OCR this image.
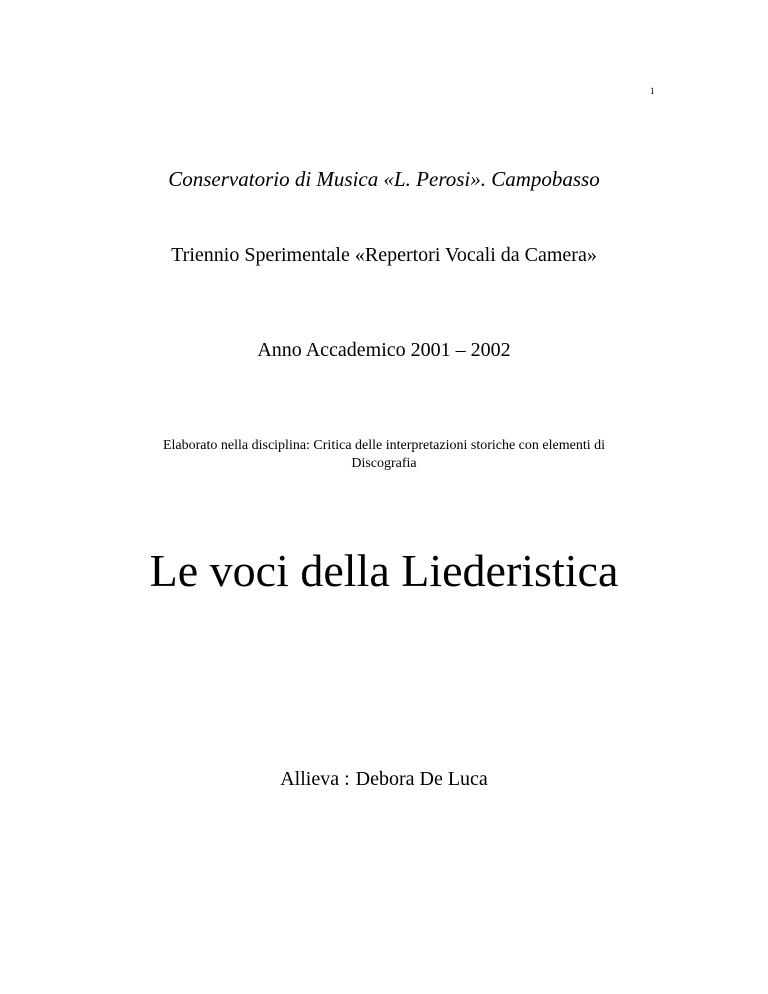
1
Conservatorio di Musica «L. Perosi». Campobasso
Triennio Sperimentale «Repertori Vocali da Camera»
Anno Accademico 2001 – 2002
Elaborato nella disciplina: Critica delle interpretazioni storiche con elementi di
Discografia
Le voci della Liederistica
Allieva : Debora De Luca
